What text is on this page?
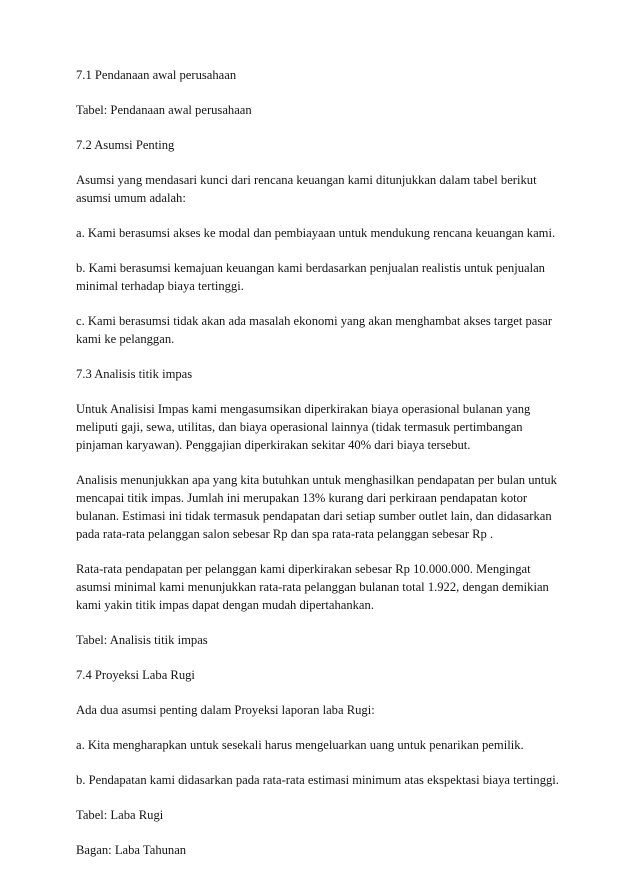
7.1 Pendanaan awal perusahaan

Tabel: Pendanaan awal perusahaan

7.2 Asumsi Penting

Asumsi yang mendasari kunci dari rencana keuangan kami ditunjukkan dalam tabel berikut asumsi umum adalah:

a. Kami berasumsi akses ke modal dan pembiayaan untuk mendukung rencana keuangan kami.

b. Kami berasumsi kemajuan keuangan kami berdasarkan penjualan realistis untuk penjualan minimal terhadap biaya tertinggi.

c. Kami berasumsi tidak akan ada masalah ekonomi yang akan menghambat akses target pasar kami ke pelanggan.

7.3 Analisis titik impas

Untuk Analisisi Impas kami mengasumsikan diperkirakan biaya operasional bulanan yang meliputi gaji, sewa, utilitas, dan biaya operasional lainnya (tidak termasuk pertimbangan pinjaman karyawan). Penggajian diperkirakan sekitar 40% dari biaya tersebut.

Analisis menunjukkan apa yang kita butuhkan untuk menghasilkan pendapatan per bulan untuk mencapai titik impas. Jumlah ini merupakan 13% kurang dari perkiraan pendapatan kotor bulanan. Estimasi ini tidak termasuk pendapatan dari setiap sumber outlet lain, dan didasarkan pada rata-rata pelanggan salon sebesar Rp dan spa rata-rata pelanggan sebesar Rp .

Rata-rata pendapatan per pelanggan kami diperkirakan sebesar Rp 10.000.000. Mengingat asumsi minimal kami menunjukkan rata-rata pelanggan bulanan total 1.922, dengan demikian kami yakin titik impas dapat dengan mudah dipertahankan.

Tabel: Analisis titik impas

7.4 Proyeksi Laba Rugi

Ada dua asumsi penting dalam Proyeksi laporan laba Rugi:

a. Kita mengharapkan untuk sesekali harus mengeluarkan uang untuk penarikan pemilik.

b. Pendapatan kami didasarkan pada rata-rata estimasi minimum atas ekspektasi biaya tertinggi.

Tabel: Laba Rugi

Bagan: Laba Tahunan
